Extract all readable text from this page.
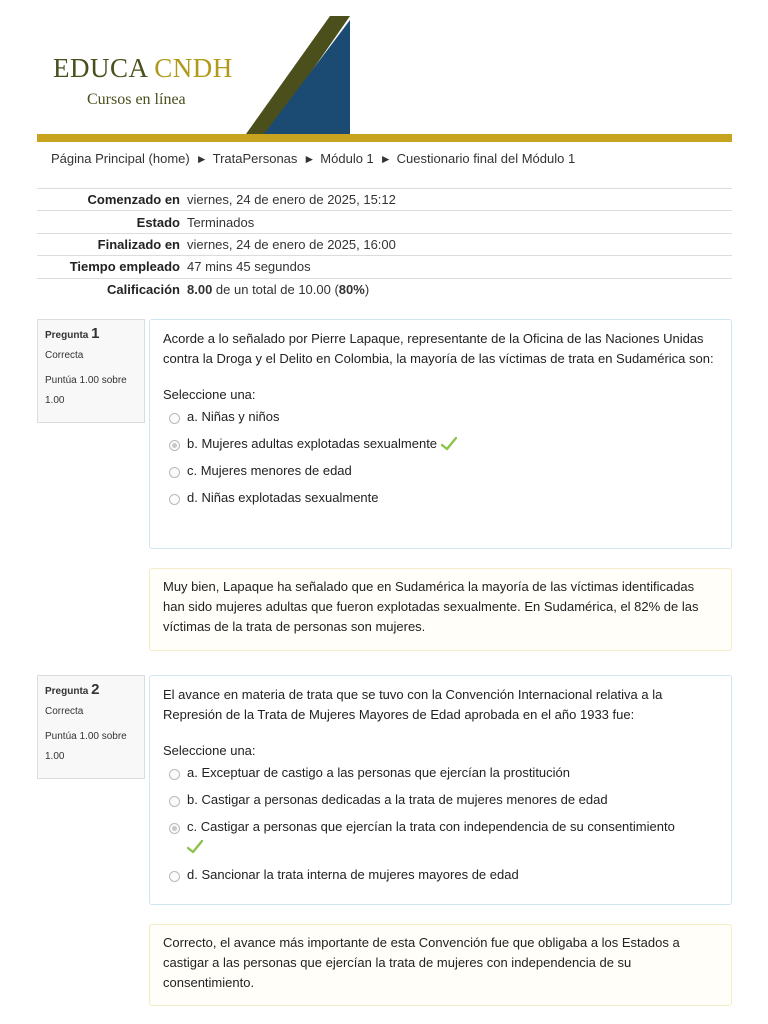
EDUCA CNDH
Cursos en línea
Página Principal (home) ► TrataPersonas ► Módulo 1 ► Cuestionario final del Módulo 1
Comenzado en	viernes, 24 de enero de 2025, 15:12
Estado	Terminados
Finalizado en	viernes, 24 de enero de 2025, 16:00
Tiempo empleado	47 mins 45 segundos
Calificación	8.00 de un total de 10.00 (80%)
Pregunta 1
Correcta
Puntúa 1.00 sobre 1.00
Acorde a lo señalado por Pierre Lapaque, representante de la Oficina de las Naciones Unidas contra la Droga y el Delito en Colombia, la mayoría de las víctimas de trata en Sudamérica son:
Seleccione una:
a. Niñas y niños
b. Mujeres adultas explotadas sexualmente
c. Mujeres menores de edad
d. Niñas explotadas sexualmente
Muy bien, Lapaque ha señalado que en Sudamérica la mayoría de las víctimas identificadas han sido mujeres adultas que fueron explotadas sexualmente. En Sudamérica, el 82% de las víctimas de la trata de personas son mujeres.
Pregunta 2
Correcta
Puntúa 1.00 sobre 1.00
El avance en materia de trata que se tuvo con la Convención Internacional relativa a la Represión de la Trata de Mujeres Mayores de Edad aprobada en el año 1933 fue:
Seleccione una:
a. Exceptuar de castigo a las personas que ejercían la prostitución
b. Castigar a personas dedicadas a la trata de mujeres menores de edad
c. Castigar a personas que ejercían la trata con independencia de su consentimiento

d. Sancionar la trata interna de mujeres mayores de edad
Correcto, el avance más importante de esta Convención fue que obligaba a los Estados a castigar a las personas que ejercían la trata de mujeres con independencia de su consentimiento.
